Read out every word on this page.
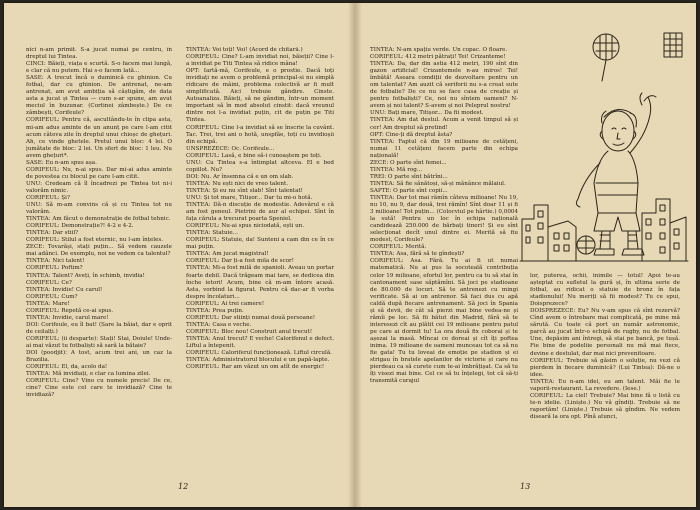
nici n-am primit. S-a jucat numai pe centru, în dreptul lui Tintea.
CINCI: Băieți, viața e scurtă. S-o facem mai lungă, e clar că nu putem. Hai s-o facem lată...
SASE: A trecut încă o duminică cu ghinion. Cu fotbal, dar cu ghinion. De antrenat, ne-am antrenat, am avut ambiția să câștigăm, de data asta a jucat și Tintea — cum s-ar spune, am avut meciul în buzunar. (Cortinei zâmbește.) De ce zâmbești, Corifeule?
CORIFEUL: Pentru că, ascultându-te în clipa asta, mi-am adus aminte de un anunț pe care l-am citit acum câteva zile în dreptul unui chioșc de ghețuri. Ah, ce vinde ghetele. Pretul unui bloc: 4 lei. O jumătate de bloc: 2 lei. Un sfert de bloc: 1 leu. Nu avem ghețuri*.
SASE: Eu n-am spus așa.
CORIFEUL: Nu, n-ai spus. Dar mi-ai adus aminte de povestea cu blocul pe care l-am citit.
UNU: Credeam că îl încadrezi pe Tintea tot ni-i valorăm nimic.
CORIFEUL: Și?
UNU: Să m-am convins că și cu Tintea tot nu valorăm.
TINTEA: Am făcut o demonstrație de fotbal tehnic.
CORIFEUL: Demonstrație?! 4-2 e 4-2.
TINTEA: Dar stiil?
CORIFEUL: Stilul a fost eternic, nu l-am înțeles.
ZECE: Tovarăși, stați puțin... Să vedem cauzele mai adânci. De exemplu, noi ne vedem ca talentul?
TINTEA: Nici talent!
CORIFEUL: Poftim?
TINTEA: Talent? Aveți, în schimb, invidia!
CORIFEUL: Ce?
TINTEA: Invidie! Cu carul!
CORIFEUL: Cum?
TINTEA: Mare!
CORIFEUL: Repetă ce-ai spus.
TINTEA: Invidie, carul mare!
DOI: Corifeule, eu îl bat! (Sare la băiat, dar e oprit de ceilalți.)
CORIFEUL: (ii desparte): Stați! Stai, Doiule! Unde-ai mai văzut tu fotbaliști să sară la bătaie?
DOI (poodjit): A tost, acum trei ani, un caz la Brazilia.
CORIFEUL: El, da, acolo da!
TINTEA: Mă invidiați, e clar ca lumina zilei.
CORIFEUL: Cine? Vino cu numele precis! De ce, cine? Cine este cel care te invidiază? Cine te invidiază?
TINTEA: Voi toți! Voi! (Acord de chitară.)
CORIFEUL: Cine? L-am invidiat noi, băieții? Cine l-a invidiat pe Titi Tintea să ridice mâna!
OPT: Iartă-mă, Corifeule, e o prostie. Dacă toți invidiați ne avem o problemă principal-si nu simplă ridicare de mâini, problema colectivă ar fi mult simplificată. Aici trebuie gândire. Cinste. Autoanaliza. Băieți, să ne gândim, într-un moment important să în mod absolut cinstit: dacă vreunul dintre noi l-a invidiat puțin, cit de puțin pe Titi Tintea.
CORIFEUL: Cine l-a invidiat să se înscrie la cuvânt. Tac. Trei, trei ani o hotă, unspfăe, toți cu invidioșii din echipă.
UNSPREZECE: Oc. Corifeule...
CORIFEUL: Lasă, e bine să-i cunoaștem pe toți.
UNU: Cu Tintea s-a întimplat altceva. El e bed copiilot. Nu?
DOI: Nu. Ar însemna că e un om slab.
TINTEA: Nu ești nici de vreo talent.
TINTEA: Și eu nu sînt slab! Sînt talentat!
UNU: Și tot mare, Titișor... Dar tu mi-o hotă.
TINTEA: Dă-n discuție de modestie. Adevărul e că am fost geneul. Pietrini de aur al echipei. Sînt în fața cărula a trecurat poarta Speniel.
CORIFEUL: Nu-ai spus niciodată, ești un.
TINTEA: Statuie...
CORIFEUL: Statuie, da! Sunteni a cam din ce în ce mai puțin.
TINTEA: Am jucat magistral!
CORIFEUL: Dar ți-a fost mila de scor!
TINTEA: Mi-a fost milă de spanioli. Aveau un portar foarte debil. Dacă trăgeam mai tare, se dedicea din înche ietori! Acum, bine că m-am întors acasă. Asta, vorbind la figurat. Pentru că dac-ar fi vorba despre încolaturi...
CORIFEUL: Ai trei camere!
TINTEA: Prea puțin.
CORIFEUL: Dar stiinți numai două persoane!
TINTEA: Casa e veche.
CORIFEUL: Bloc nou! Construit anul trecut!
TINTEA: Anul trecut? E veche! Calorifenul e defect. Liftul a întepenit.
CORIFEUL: Caloriferul funcționează. Liftul circulă.
TINTEA: Administratorul blocului e un papă-lapte.
CORIFEUL: Rar am văzut un om atît de energic!
12
TINTEA: N-am spațiu verde. Un copac. O floare.
CORIFEUL: 412 metri pătrați! Tei! Crizanteme!
TINTEA: Da, dar din astia 412 metri, 190 sînt din gazon artificial! Crizantemele n-au miros! Tei! îmbătă! Aseara comdiții de dezvoltare pentru un om talentat? Am auzit că seriforii nu s-a creat sute de fotbalie? De ce nu se face casa de creație și pentru fotbaliști? Ce, noi nu sîntem oameni? N-avem și noi talent? S-avem și noi Peleprul nostru!
UNU: Bați mare, Titișor... Da fii modest.
TINTEA: Am dat destul. Acum a venit timpul să și cer! Am dreptul să pretind!
OPT: Cine-ți dă dreptul ăsta?
TINTEA: Faptul că din 19 milioane de cetățeni, numai 11 cetățeni facem parte din echipa națională!
ZECE: O parte sînt femei...
TINTEA: Mă rog...
TREI: O parte sînt bătrîni...
TINTEA: Să fie sănătoși, să-și mănânce mălaiul.
SAPTE: O parte sînt copii...
TINTEA: Dar tot mai rămîn câteva milioane! Nu 19, nu 10, nu 9, dar două, trei rămîn! Sînt doar 11 și fi 3 milioane! Tot puțin... (Colocviul pe hârtie.) 0,0004 la sută! Pentru un loc în echipa națională candidează 250.000 de bărbați tineri! Și eu sînt selecționat decît unul dintre ei. Merită să fiu modest, Corifeule?
CORIFEUL: Merită.
TINTEA: Asa, fără să te gîndești?
CORIFEUL: Asa. Fără. Tu ai fi ut numai matematică. Nu ai pus la socoteală contribuția celor 19 milioane, efortul lor, pentru ca tu să stai în cantonament sase săptămîni. Să joci pe stadioane de 80.000 de locuri. Să te antrenezi cu mingi verificate. Să ai un antrenor. Să faci dus cu apă caldă după fiecare antrenament. Să joci în Spania și să devii, de cât să pierzi mai bine vedea-ne și rămîi pe loc. Să fii bătut din Madrid, fără să te interesezi cît au plătit cei 19 milioane pentru patul pe care ai dormit tu! La ora două fix coborai și te așezai la masă. Mîncai ce doreai și cît îți poftea inima. 19 milioane de oameni munceau tot ca să nu fie gata! Tu tu loveai de emoție pe stadion și ei strigau în bratele apelanilor de victorie și care nu pierdeau ca să curete cum te-ai îmbrățișat. Ca să tu îți visezi mai bine. Cel ce să tu înțelegi, tot că să-ți transmită curajul
lor, puterea, ochii, inimile — totul! Apoi te-au așteptat cu sufletul la gură și, în ultima serie de fotbal, au ridicat o statuie de bronz în fața stadionului! Nu meriți să fii modest? Tu ce spui, Doisprezece?
DOISPREZECE: Eu? Nu v-am spus că sînt rezervă? Cînd avem o întrebare mai complicată, pe mine mă sărută. Cu toate că port un număr astronomic, parcă au jucat într-o echipă de rugby, nu de fotbal. Une, depăsim ani întregi, să stai pe bancă, pe tușă. Fie bine de podeliie personali nu mă mai fiece, devine e destulat, dar mai nici prevenitoare.
CORIFEUL: Trebuie să găsim o soluție, nu vezi că pierdem în fiecare duminică? (Lui Tintea): Dă-ne o idee.
TINTEA: Eu n-am idei, eu am talent. Măi fie le vaporii-restaurant. La revedere. (Iese.)
CORIFEUL: La ciel! Trebuie? Mai bine fă o listă cu te-n idelie. (Liniște.) Nu vă gîndiți. Trebuie să ne raportăm! (Liniște.) Trebuie să gîndim. Ne vedem diseară la ora opt. Pînă atunci,
13
